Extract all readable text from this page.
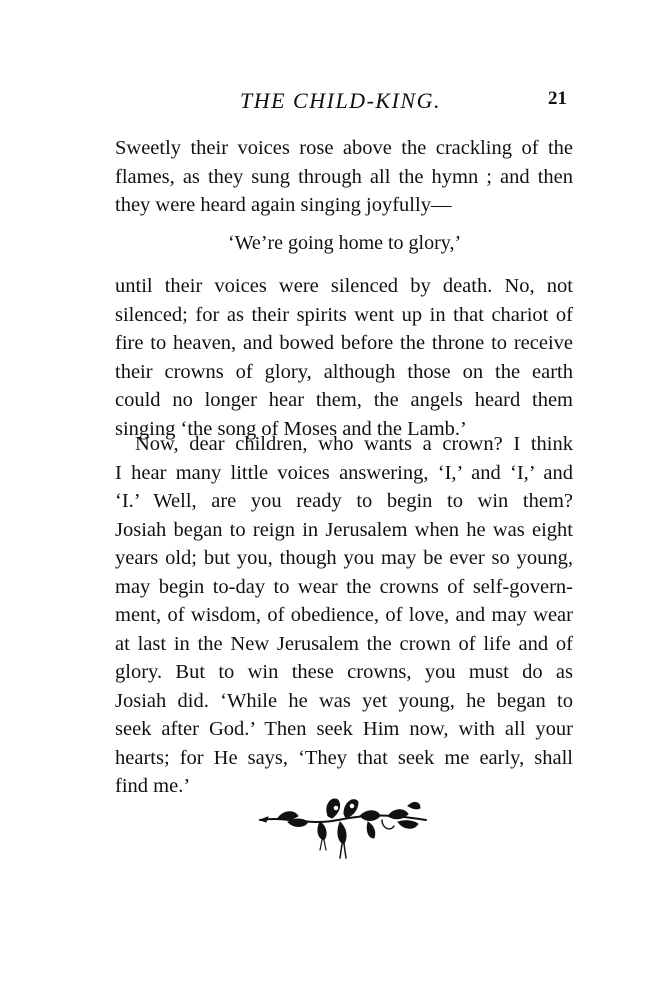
THE CHILD-KING.	21
Sweetly their voices rose above the crackling of the
flames, as they sung through all the hymn ; and then
they were heard again singing joyfully—
‘We’re going home to glory,’
until their voices were silenced by death. No, not
silenced; for as their spirits went up in that chariot of
fire to heaven, and bowed before the throne to receive
their crowns of glory, although those on the earth
could no longer hear them, the angels heard them
singing ‘the song of Moses and the Lamb.’
Now, dear children, who wants a crown? I think
I hear many little voices answering, ‘I,’ and ‘I,’ and
‘I.’ Well, are you ready to begin to win them?
Josiah began to reign in Jerusalem when he was eight
years old; but you, though you may be ever so young,
may begin to-day to wear the crowns of self-govern-
ment, of wisdom, of obedience, of love, and may wear
at last in the New Jerusalem the crown of life and of
glory. But to win these crowns, you must do as
Josiah did. ‘While he was yet young, he began to
seek after God.’ Then seek Him now, with all your
hearts; for He says, ‘They that seek me early, shall
find me.’
